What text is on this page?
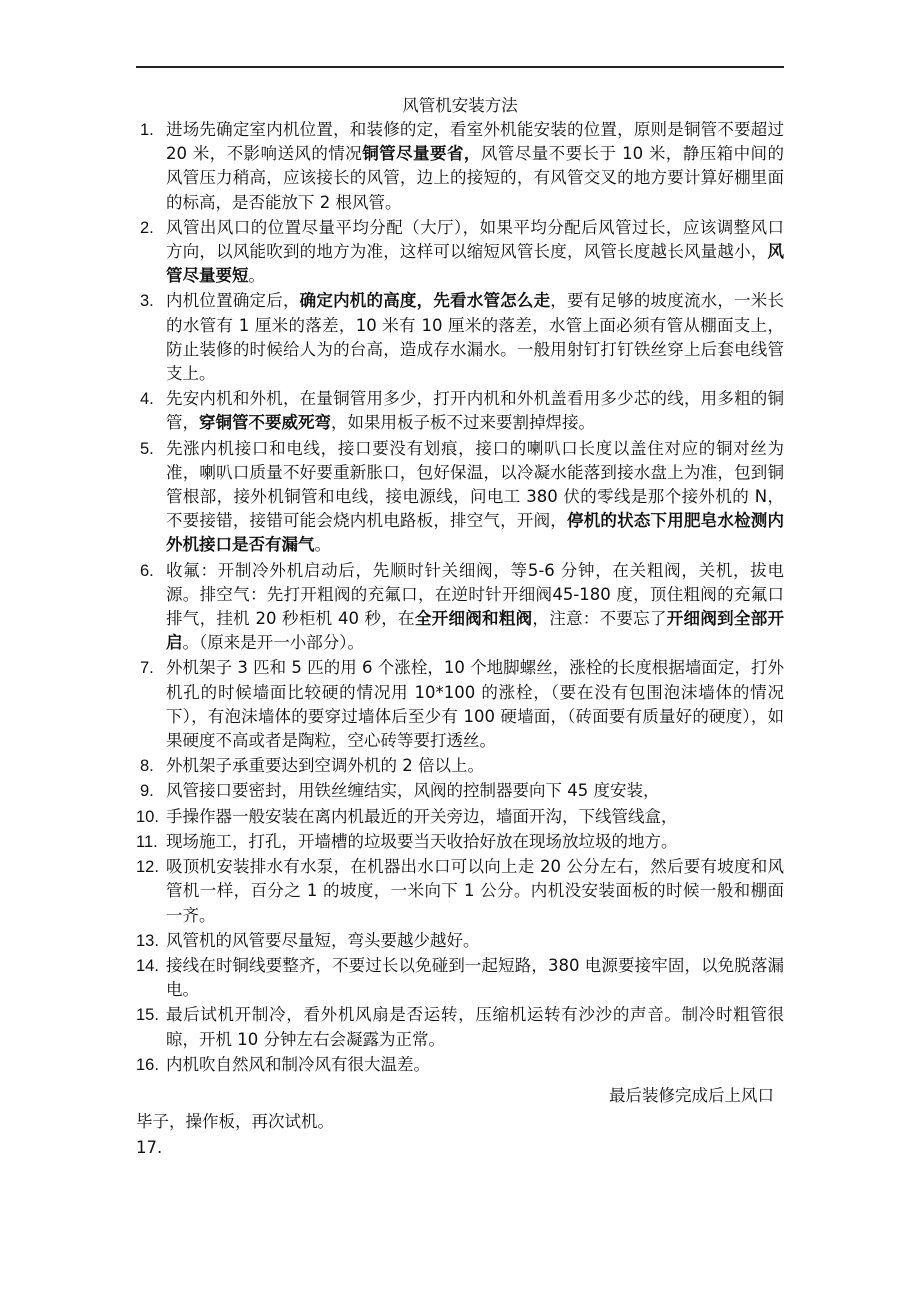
风管机安装方法
1. 进场先确定室内机位置，和装修的定，看室外机能安装的位置，原则是铜管不要超过 20 米，不影响送风的情况铜管尽量要省，风管尽量不要长于 10 米，静压箱中间的风管压力稍高，应该接长的风管，边上的接短的，有风管交叉的地方要计算好棚里面的标高，是否能放下 2 根风管。
2. 风管出风口的位置尽量平均分配（大厅），如果平均分配后风管过长，应该调整风口方向，以风能吹到的地方为准，这样可以缩短风管长度，风管长度越长风量越小，风管尽量要短。
3. 内机位置确定后，确定内机的高度，先看水管怎么走，要有足够的坡度流水，一米长的水管有 1 厘米的落差，10 米有 10 厘米的落差，水管上面必须有管从棚面支上，防止装修的时候给人为的台高，造成存水漏水。一般用射钉打钉铁丝穿上后套电线管支上。
4. 先安内机和外机，在量铜管用多少，打开内机和外机盖看用多少芯的线，用多粗的铜管，穿铜管不要威死弯，如果用板子板不过来要割掉焊接。
5. 先涨内机接口和电线，接口要没有划痕，接口的喇叭口长度以盖住对应的铜对丝为准，喇叭口质量不好要重新胀口，包好保温，以冷凝水能落到接水盘上为准，包到铜管根部，接外机铜管和电线，接电源线，问电工 380 伏的零线是那个接外机的 N，不要接错，接错可能会烧内机电路板，排空气，开阀，停机的状态下用肥皂水检测内外机接口是否有漏气。
6. 收氟：开制冷外机启动后，先顺时针关细阀，等5-6 分钟，在关粗阀，关机，拔电源。排空气：先打开粗阀的充氟口，在逆时针开细阀45-180 度，顶住粗阀的充氟口排气，挂机 20 秒柜机 40 秒，在全开细阀和粗阀，注意：不要忘了开细阀到全部开启。（原来是开一小部分）。
7. 外机架子 3 匹和 5 匹的用 6 个涨栓，10 个地脚螺丝，涨栓的长度根据墙面定，打外机孔的时候墙面比较硬的情况用 10*100 的涨栓，（要在没有包围泡沫墙体的情况下），有泡沫墙体的要穿过墙体后至少有 100 硬墙面，（砖面要有质量好的硬度），如果硬度不高或者是陶粒，空心砖等要打透丝。
8. 外机架子承重要达到空调外机的 2 倍以上。
9. 风管接口要密封，用铁丝缠结实，风阀的控制器要向下 45 度安装，
10. 手操作器一般安装在离内机最近的开关旁边，墙面开沟，下线管线盒，
11. 现场施工，打孔，开墙槽的垃圾要当天收拾好放在现场放垃圾的地方。
12. 吸顶机安装排水有水泵，在机器出水口可以向上走 20 公分左右，然后要有坡度和风管机一样，百分之 1 的坡度，一米向下 1 公分。内机没安装面板的时候一般和棚面一齐。
13. 风管机的风管要尽量短，弯头要越少越好。
14. 接线在时铜线要整齐，不要过长以免碰到一起短路，380 电源要接牢固，以免脱落漏电。
15. 最后试机开制冷，看外机风扇是否运转，压缩机运转有沙沙的声音。制冷时粗管很晾，开机 10 分钟左右会凝露为正常。
16. 内机吹自然风和制冷风有很大温差。
最后装修完成后上风口
毕子，操作板，再次试机。
17.
